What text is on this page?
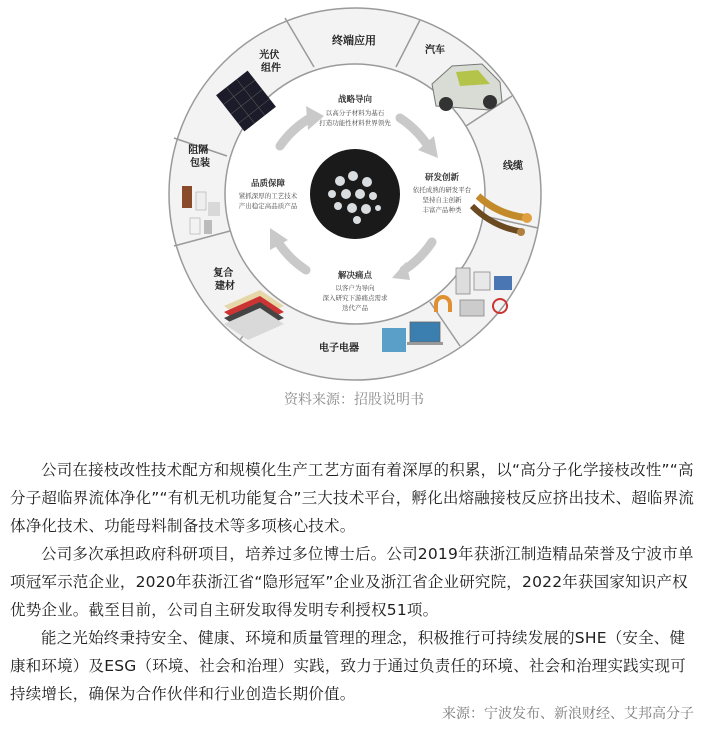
终端应用
汽车
线缆
电子电器
复合 建材
阻隔 包装
光伏 组件
战略导向
以高分子材料为基石
打造功能性材料世界领先
研发创新
依托成熟的研发平台
坚持自主创新
丰富产品种类
解决痛点
以客户为导向
深入研究下游痛点需求
迭代产品
品质保障
紧抓深厚的工艺技术
产出稳定高品质产品
资料来源：招股说明书

公司在接枝改性技术配方和规模化生产工艺方面有着深厚的积累，以“高分子化学接枝改性”“高分子超临界流体净化”“有机无机功能复合”三大技术平台，孵化出熔融接枝反应挤出技术、超临界流体净化技术、功能母料制备技术等多项核心技术。

公司多次承担政府科研项目，培养过多位博士后。公司2019年获浙江制造精品荣誉及宁波市单项冠军示范企业，2020年获浙江省“隐形冠军”企业及浙江省企业研究院，2022年获国家知识产权优势企业。截至目前，公司自主研发取得发明专利授权51项。

能之光始终秉持安全、健康、环境和质量管理的理念，积极推行可持续发展的SHE（安全、健康和环境）及ESG（环境、社会和治理）实践，致力于通过负责任的环境、社会和治理实践实现可持续增长，确保为合作伙伴和行业创造长期价值。

来源：宁波发布、新浪财经、艾邦高分子
